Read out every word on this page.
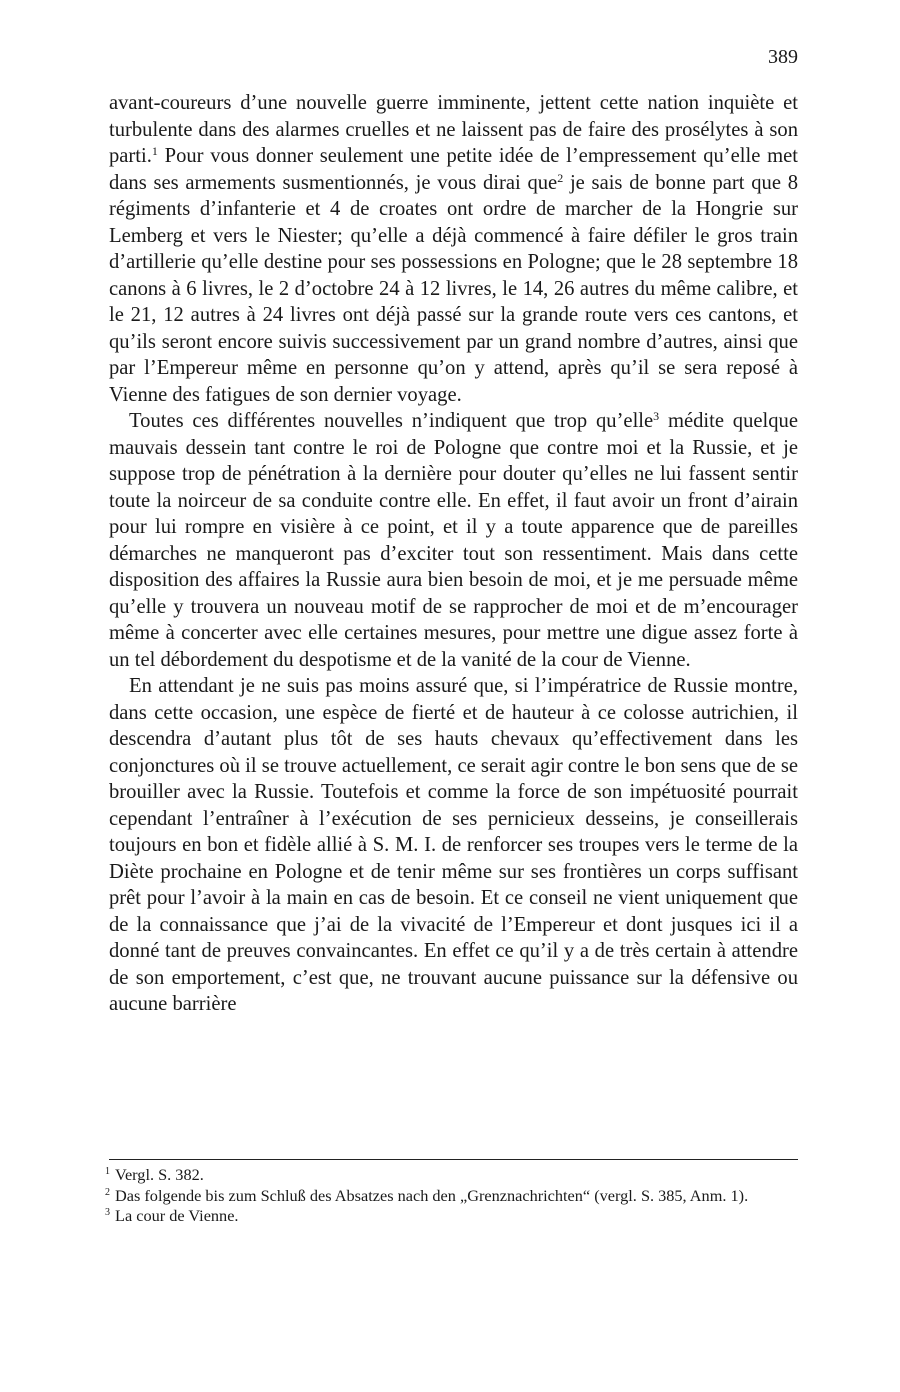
389

avant-coureurs d’une nouvelle guerre imminente, jettent cette nation inquiète et turbulente dans des alarmes cruelles et ne laissent pas de faire des prosélytes à son parti.$^1$ Pour vous donner seulement une petite idée de l’empressement qu’elle met dans ses armements susmentionnés, je vous dirai que$^2$ je sais de bonne part que 8 régiments d’infanterie et 4 de croates ont ordre de marcher de la Hongrie sur Lemberg et vers le Niester; qu’elle a déjà commencé à faire défiler le gros train d’artillerie qu’elle destine pour ses possessions en Pologne; que le 28 septembre 18 canons à 6 livres, le 2 d’octobre 24 à 12 livres, le 14, 26 autres du même calibre, et le 21, 12 autres à 24 livres ont déjà passé sur la grande route vers ces cantons, et qu’ils seront encore suivis successivement par un grand nombre d’autres, ainsi que par l’Empereur même en personne qu’on y attend, après qu’il se sera reposé à Vienne des fatigues de son dernier voyage.

Toutes ces différentes nouvelles n’indiquent que trop qu’elle$^3$ médite quelque mauvais dessein tant contre le roi de Pologne que contre moi et la Russie, et je suppose trop de pénétration à la dernière pour douter qu’elles ne lui fassent sentir toute la noirceur de sa conduite contre elle. En effet, il faut avoir un front d’airain pour lui rompre en visière à ce point, et il y a toute apparence que de pareilles démarches ne manqueront pas d’exciter tout son ressentiment. Mais dans cette disposition des affaires la Russie aura bien besoin de moi, et je me persuade même qu’elle y trouvera un nouveau motif de se rapprocher de moi et de m’encourager même à concerter avec elle certaines mesures, pour mettre une digue assez forte à un tel débordement du despotisme et de la vanité de la cour de Vienne.

En attendant je ne suis pas moins assuré que, si l’impératrice de Russie montre, dans cette occasion, une espèce de fierté et de hauteur à ce colosse autrichien, il descendra d’autant plus tôt de ses hauts chevaux qu’effectivement dans les conjonctures où il se trouve actuellement, ce serait agir contre le bon sens que de se brouiller avec la Russie. Toutefois et comme la force de son impétuosité pourrait cependant l’entraîner à l’exécution de ses pernicieux desseins, je conseillerais toujours en bon et fidèle allié à S. M. I. de renforcer ses troupes vers le terme de la Diète prochaine en Pologne et de tenir même sur ses frontières un corps suffisant prêt pour l’avoir à la main en cas de besoin. Et ce conseil ne vient uniquement que de la connaissance que j’ai de la vivacité de l’Empereur et dont jusques ici il a donné tant de preuves convaincantes. En effet ce qu’il y a de très certain à attendre de son emportement, c’est que, ne trouvant aucune puissance sur la défensive ou aucune barrière

$^1$ Vergl. S. 382.

$^2$ Das folgende bis zum Schluß des Absatzes nach den „Grenznachrichten“ (vergl. S. 385, Anm. 1).

$^3$ La cour de Vienne.
